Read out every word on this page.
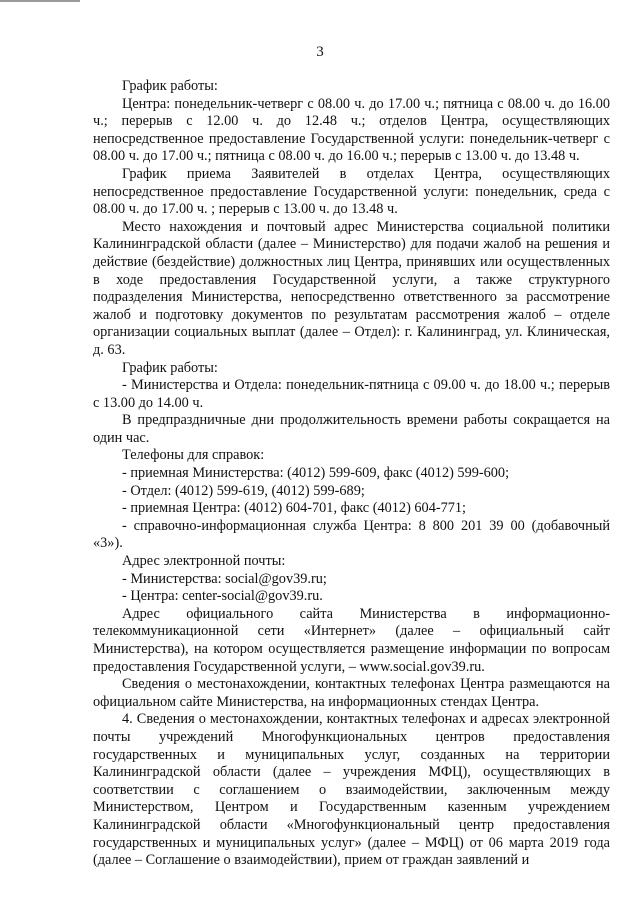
3

График работы:

Центра: понедельник-четверг с 08.00 ч. до 17.00 ч.; пятница с 08.00 ч. до 16.00 ч.; перерыв с 12.00 ч. до 12.48 ч.; отделов Центра, осуществляющих непосредственное предоставление Государственной услуги: понедельник-четверг с 08.00 ч. до 17.00 ч.; пятница с 08.00 ч. до 16.00 ч.; перерыв с 13.00 ч. до 13.48 ч.

График приема Заявителей в отделах Центра, осуществляющих непосредственное предоставление Государственной услуги: понедельник, среда с 08.00 ч. до 17.00 ч. ; перерыв с 13.00 ч. до 13.48 ч.

Место нахождения и почтовый адрес Министерства социальной политики Калининградской области (далее – Министерство) для подачи жалоб на решения и действие (бездействие) должностных лиц Центра, принявших или осуществленных в ходе предоставления Государственной услуги, а также структурного подразделения Министерства, непосредственно ответственного за рассмотрение жалоб и подготовку документов по результатам рассмотрения жалоб – отделе организации социальных выплат (далее – Отдел): г. Калининград, ул. Клиническая, д. 63.

График работы:

- Министерства и Отдела: понедельник-пятница с 09.00 ч. до 18.00 ч.; перерыв с 13.00 до 14.00 ч.

В предпраздничные дни продолжительность времени работы сокращается на один час.

Телефоны для справок:

- приемная Министерства: (4012) 599-609, факс (4012) 599-600;

- Отдел: (4012) 599-619, (4012) 599-689;

- приемная Центра: (4012) 604-701, факс (4012) 604-771;

- справочно-информационная служба Центра: 8 800 201 39 00 (добавочный «3»).

Адрес электронной почты:

- Министерства: social@gov39.ru;

- Центра: center-social@gov39.ru.

Адрес официального сайта Министерства в информационно-телекоммуникационной сети «Интернет» (далее – официальный сайт Министерства), на котором осуществляется размещение информации по вопросам предоставления Государственной услуги, – www.social.gov39.ru.

Сведения о местонахождении, контактных телефонах Центра размещаются на официальном сайте Министерства, на информационных стендах Центра.

4. Сведения о местонахождении, контактных телефонах и адресах электронной почты учреждений Многофункциональных центров предоставления государственных и муниципальных услуг, созданных на территории Калининградской области (далее – учреждения МФЦ), осуществляющих в соответствии с соглашением о взаимодействии, заключенным между Министерством, Центром и Государственным казенным учреждением Калининградской области «Многофункциональный центр предоставления государственных и муниципальных услуг» (далее – МФЦ) от 06 марта 2019 года (далее – Соглашение о взаимодействии), прием от граждан заявлений и
